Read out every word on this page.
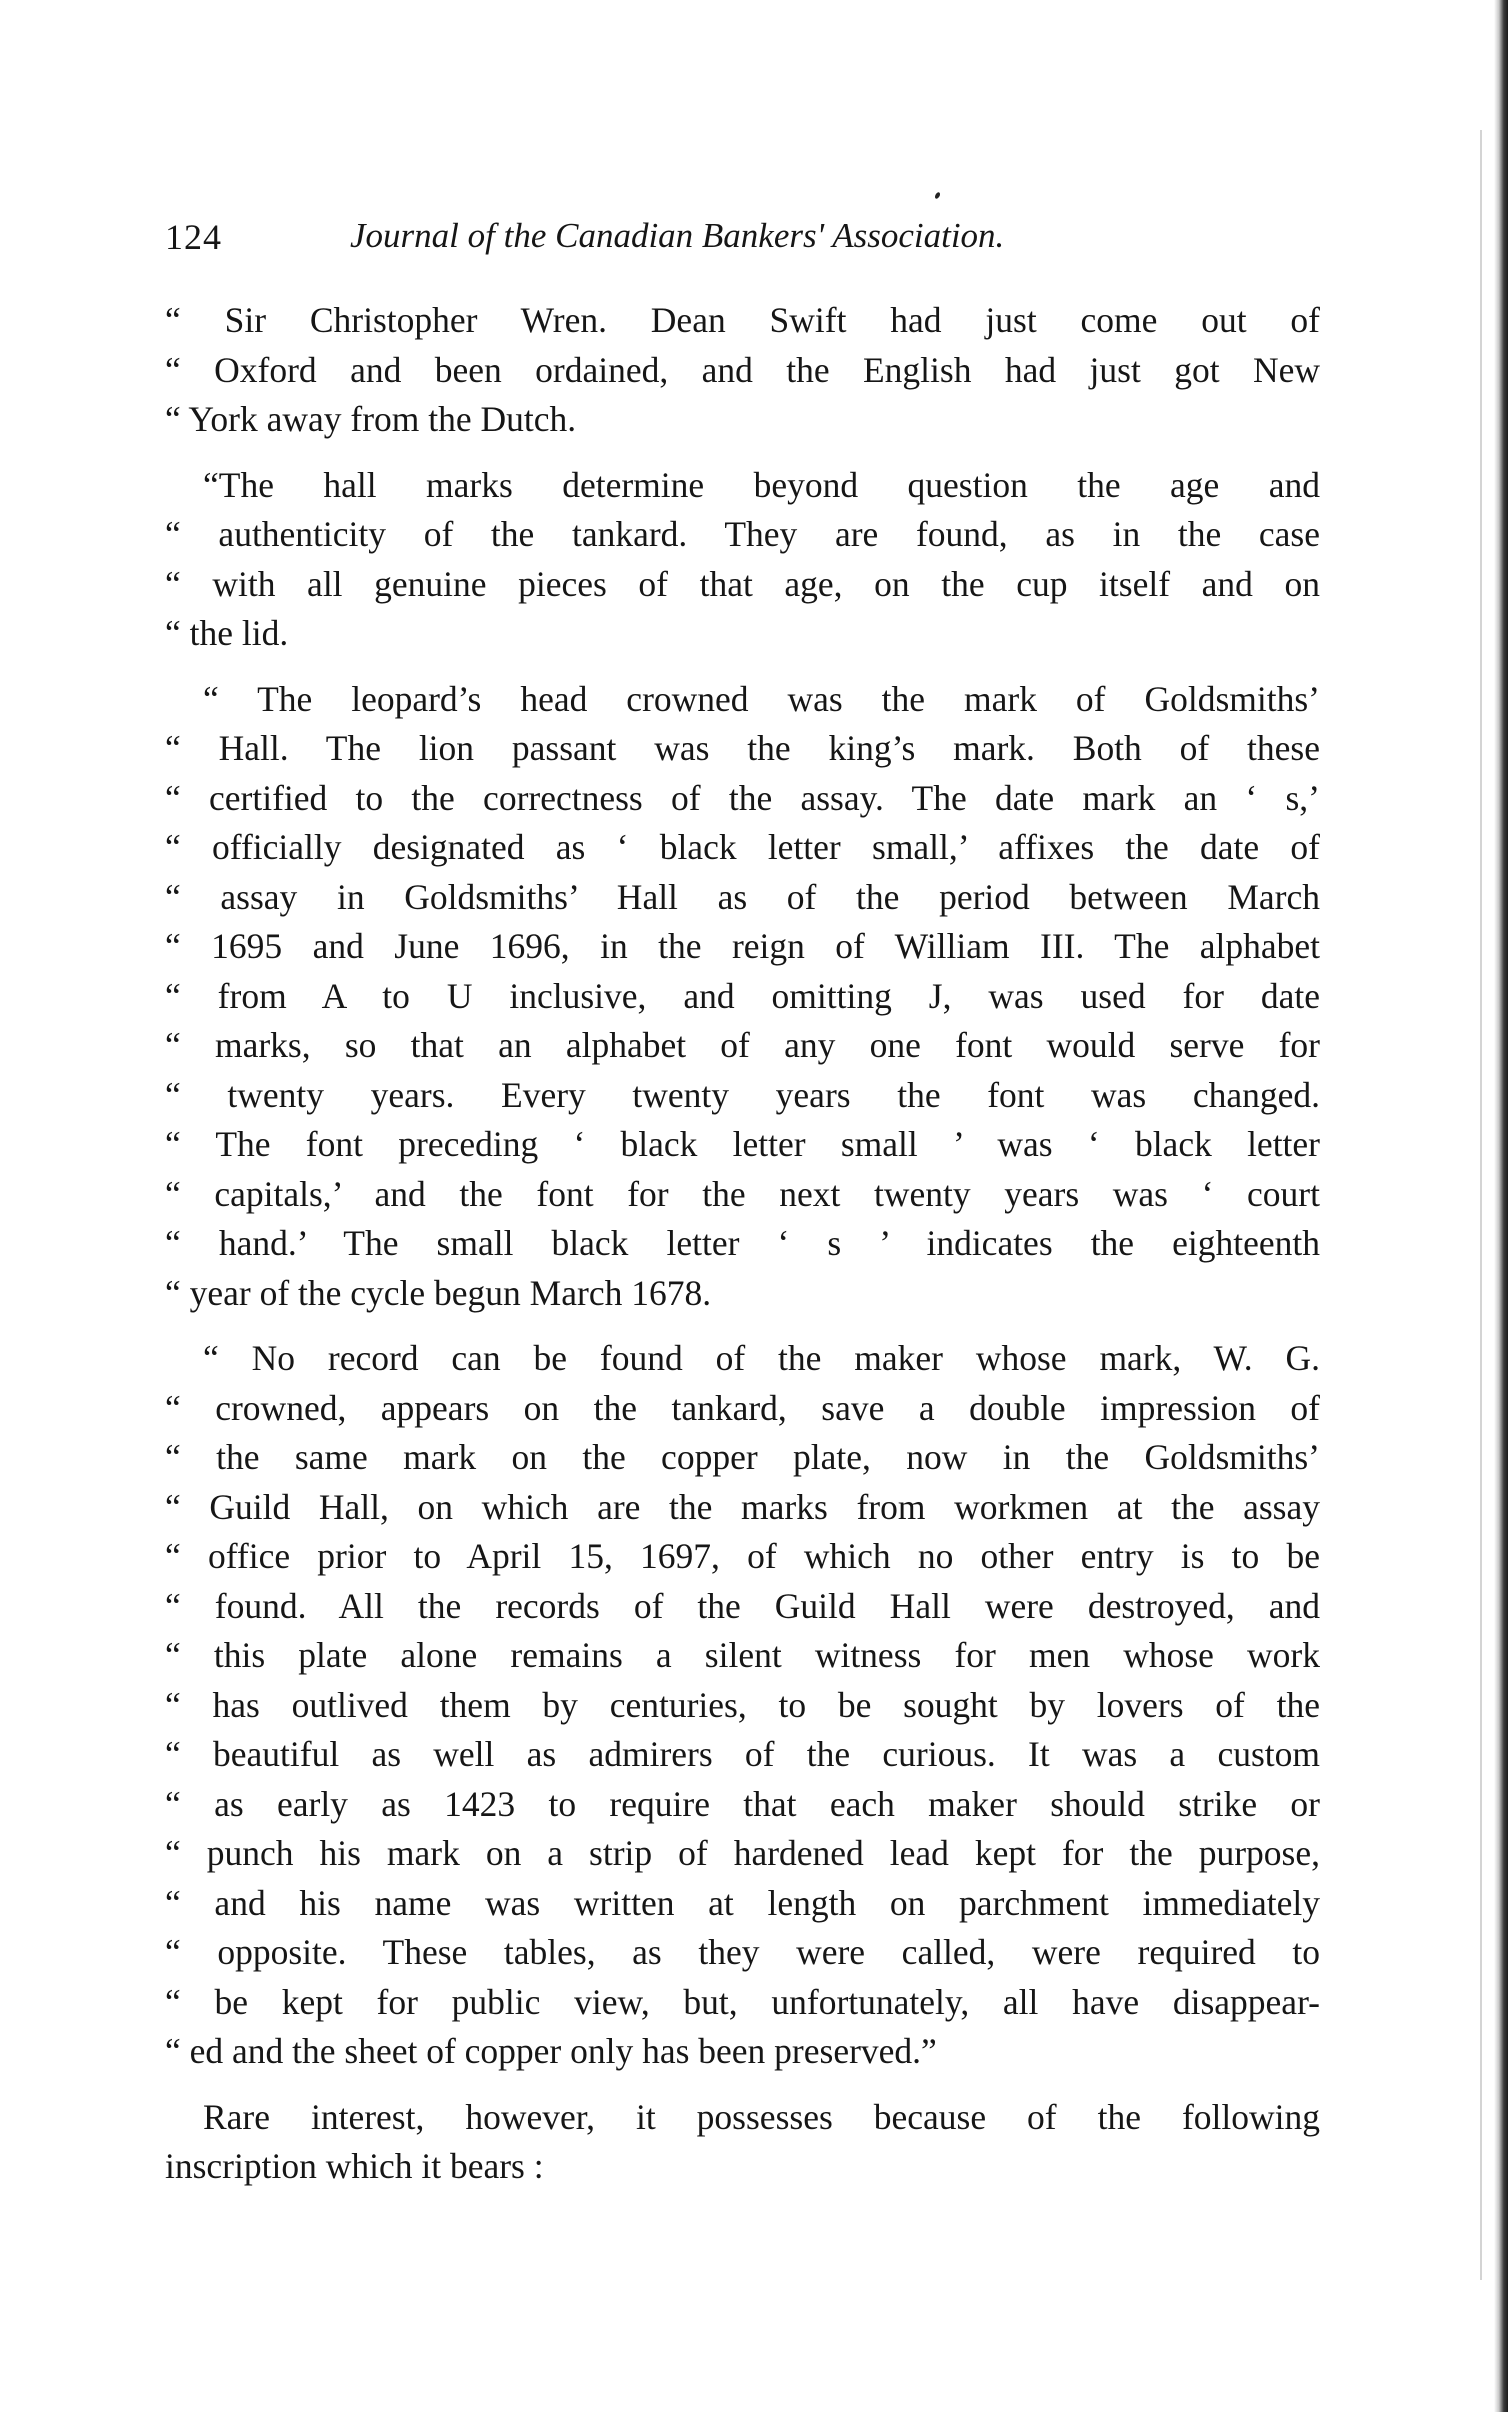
124	Journal of the Canadian Bankers' Association.
“ Sir Christopher Wren. Dean Swift had just come out of
“ Oxford and been ordained, and the English had just got New
“ York away from the Dutch.
“The hall marks determine beyond question the age and
“ authenticity of the tankard. They are found, as in the case
“ with all genuine pieces of that age, on the cup itself and on
“ the lid.
“ The leopard’s head crowned was the mark of Goldsmiths’
“ Hall. The lion passant was the king’s mark. Both of these
“ certified to the correctness of the assay. The date mark an ‘ s,’
“ officially designated as ‘ black letter small,’ affixes the date of
“ assay in Goldsmiths’ Hall as of the period between March
“ 1695 and June 1696, in the reign of William III. The alphabet
“ from A to U inclusive, and omitting J, was used for date
“ marks, so that an alphabet of any one font would serve for
“ twenty years. Every twenty years the font was changed.
“ The font preceding ‘ black letter small ’ was ‘ black letter
“ capitals,’ and the font for the next twenty years was ‘ court
“ hand.’ The small black letter ‘ s ’ indicates the eighteenth
“ year of the cycle begun March 1678.
“ No record can be found of the maker whose mark, W. G.
“ crowned, appears on the tankard, save a double impression of
“ the same mark on the copper plate, now in the Goldsmiths’
“ Guild Hall, on which are the marks from workmen at the assay
“ office prior to April 15, 1697, of which no other entry is to be
“ found. All the records of the Guild Hall were destroyed, and
“ this plate alone remains a silent witness for men whose work
“ has outlived them by centuries, to be sought by lovers of the
“ beautiful as well as admirers of the curious. It was a custom
“ as early as 1423 to require that each maker should strike or
“ punch his mark on a strip of hardened lead kept for the purpose,
“ and his name was written at length on parchment immediately
“ opposite. These tables, as they were called, were required to
“ be kept for public view, but, unfortunately, all have disappear-
“ ed and the sheet of copper only has been preserved.”
Rare interest, however, it possesses because of the following
inscription which it bears :
